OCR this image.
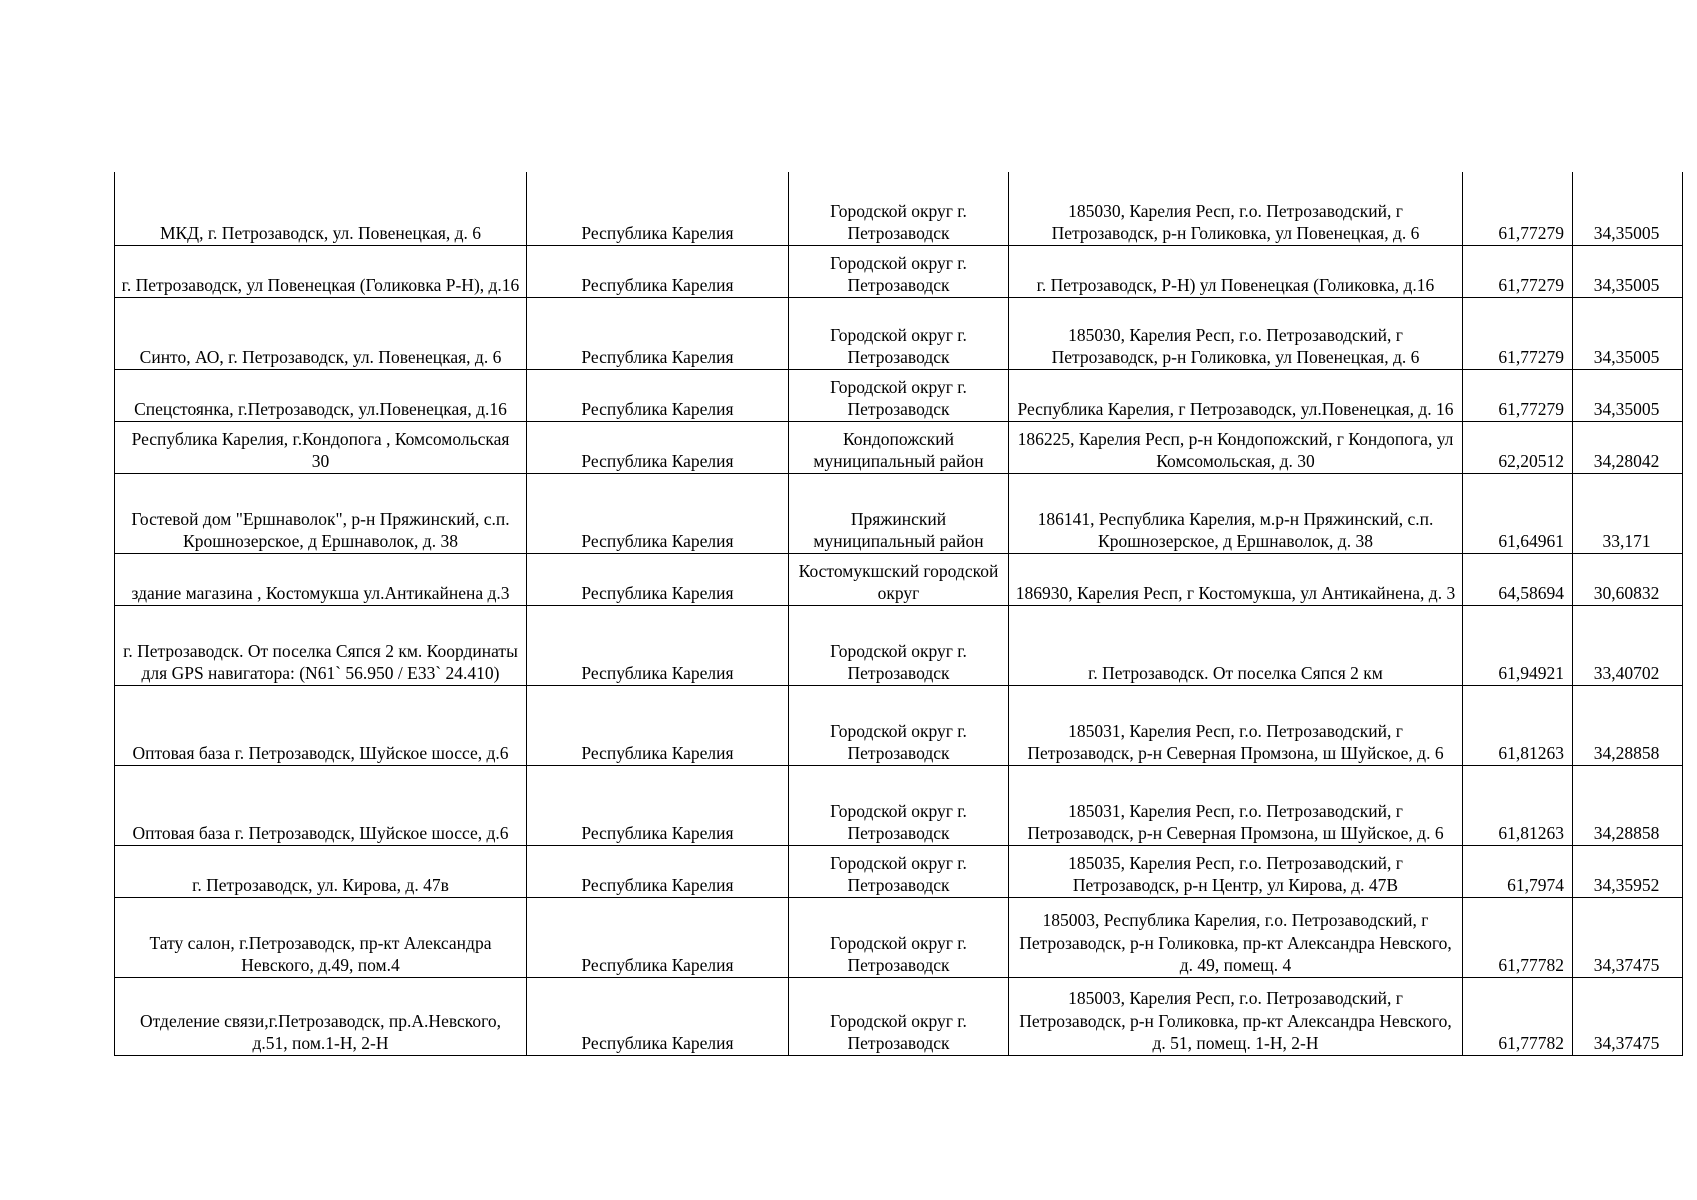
МКД, г. Петрозаводск, ул. Повенецкая, д. 6	Республика Карелия	Городской округ г. Петрозаводск	185030, Карелия Респ, г.о. Петрозаводский, г Петрозаводск, р-н Голиковка, ул Повенецкая, д. 6	61,77279	34,35005
г. Петрозаводск, ул Повенецкая (Голиковка Р-Н), д.16	Республика Карелия	Городской округ г. Петрозаводск	г. Петрозаводск, Р-Н) ул Повенецкая (Голиковка, д.16	61,77279	34,35005
Синто, АО, г. Петрозаводск, ул. Повенецкая, д. 6	Республика Карелия	Городской округ г. Петрозаводск	185030, Карелия Респ, г.о. Петрозаводский, г Петрозаводск, р-н Голиковка, ул Повенецкая, д. 6	61,77279	34,35005
Спецстоянка, г.Петрозаводск, ул.Повенецкая, д.16	Республика Карелия	Городской округ г. Петрозаводск	Республика Карелия, г Петрозаводск, ул.Повенецкая, д. 16	61,77279	34,35005
Республика Карелия, г.Кондопога , Комсомольская 30	Республика Карелия	Кондопожский муниципальный район	186225, Карелия Респ, р-н Кондопожский, г Кондопога, ул Комсомольская, д. 30	62,20512	34,28042
Гостевой дом "Ершнаволок", р-н Пряжинский, с.п. Крошнозерское, д Ершнаволок, д. 38	Республика Карелия	Пряжинский муниципальный район	186141, Республика Карелия, м.р-н Пряжинский, с.п. Крошнозерское, д Ершнаволок, д. 38	61,64961	33,171
здание магазина , Костомукша ул.Антикайнена д.3	Республика Карелия	Костомукшский городской округ	186930, Карелия Респ, г Костомукша, ул Антикайнена, д. 3	64,58694	30,60832
г. Петрозаводск. От поселка Сяпся 2 км. Координаты для GPS навигатора: (N61` 56.950 / E33` 24.410)	Республика Карелия	Городской округ г. Петрозаводск	г. Петрозаводск. От поселка Сяпся 2 км	61,94921	33,40702
Оптовая база г. Петрозаводск, Шуйское шоссе, д.6	Республика Карелия	Городской округ г. Петрозаводск	185031, Карелия Респ, г.о. Петрозаводский, г Петрозаводск, р-н Северная Промзона, ш Шуйское, д. 6	61,81263	34,28858
Оптовая база г. Петрозаводск, Шуйское шоссе, д.6	Республика Карелия	Городской округ г. Петрозаводск	185031, Карелия Респ, г.о. Петрозаводский, г Петрозаводск, р-н Северная Промзона, ш Шуйское, д. 6	61,81263	34,28858
г. Петрозаводск, ул. Кирова, д. 47в	Республика Карелия	Городской округ г. Петрозаводск	185035, Карелия Респ, г.о. Петрозаводский, г Петрозаводск, р-н Центр, ул Кирова, д. 47В	61,7974	34,35952
Тату салон, г.Петрозаводск, пр-кт Александра Невского, д.49, пом.4	Республика Карелия	Городской округ г. Петрозаводск	185003, Республика Карелия, г.о. Петрозаводский, г Петрозаводск, р-н Голиковка, пр-кт Александра Невского, д. 49, помещ. 4	61,77782	34,37475
Отделение связи,г.Петрозаводск, пр.А.Невского, д.51, пом.1-Н, 2-Н	Республика Карелия	Городской округ г. Петрозаводск	185003, Карелия Респ, г.о. Петрозаводский, г Петрозаводск, р-н Голиковка, пр-кт Александра Невского, д. 51, помещ. 1-Н, 2-Н	61,77782	34,37475
